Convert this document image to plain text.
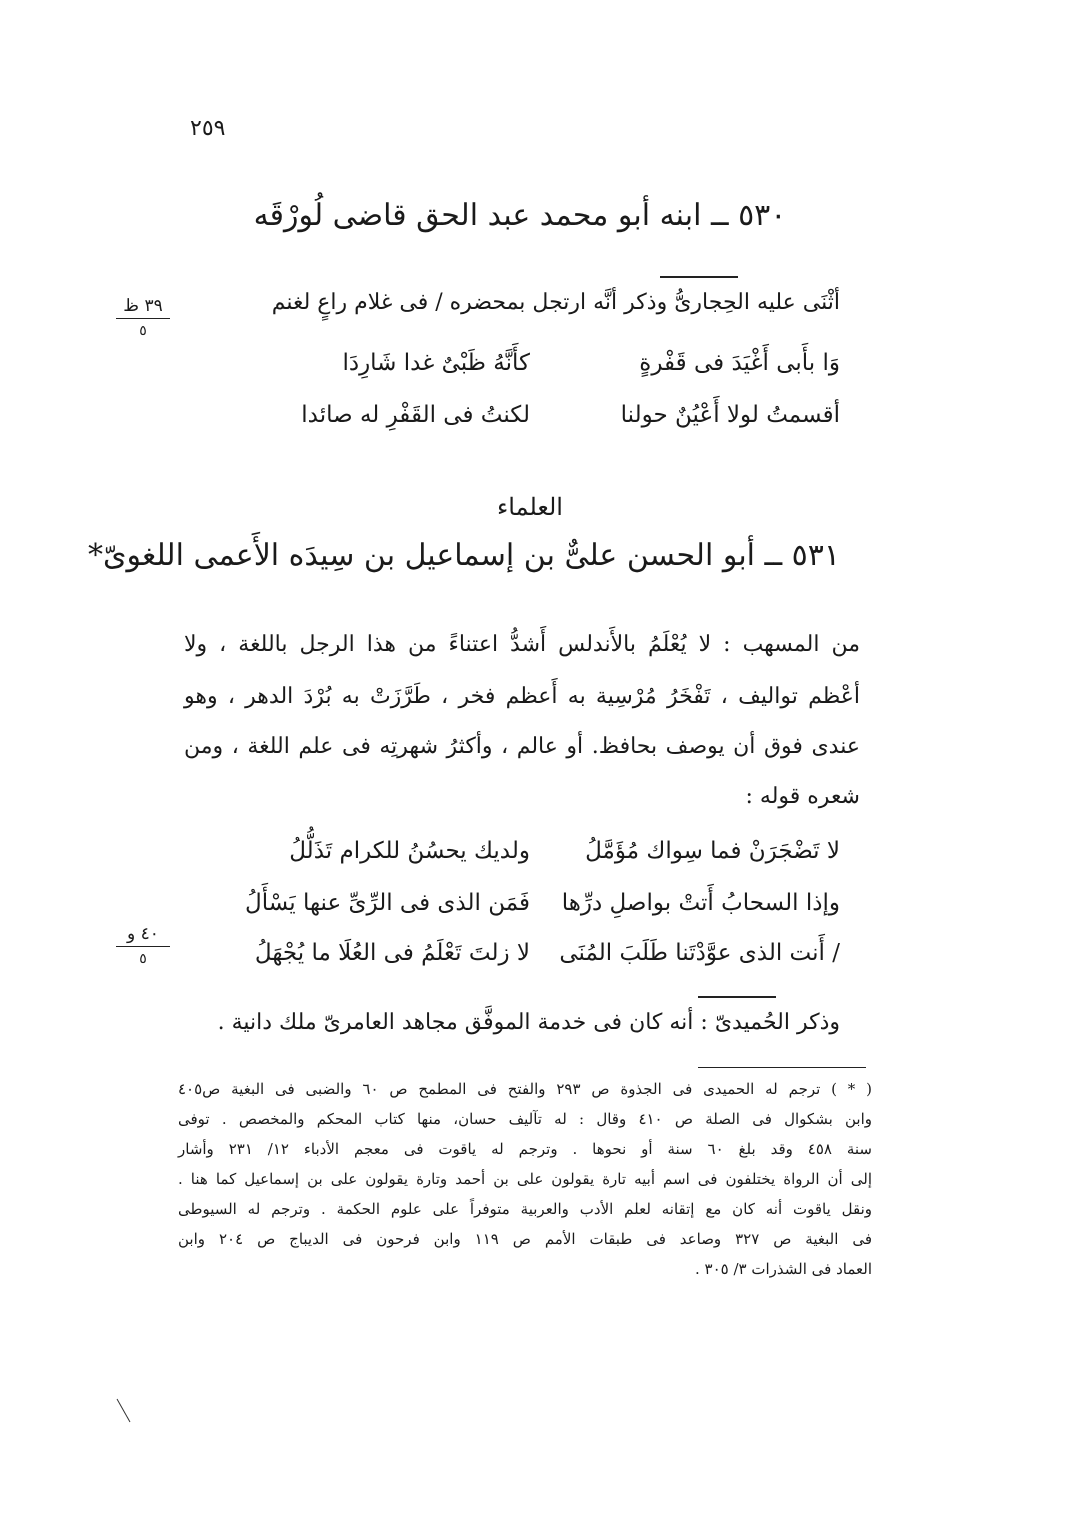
٢٥٩
٥٣٠ ــ ابنه أبو محمد عبد الحق قاضى لُورْقَه
أثْنَى عليه الحِجارىُّ وذكر أنَّه ارتجل بمحضره / فى غلام راعٍ لغنم
٣٩ ظ
٥
وَا بأَبى أَغْيَدَ فى قَفْرةٍ
كأَنَّهُ ظَبْىٌ غدا شَارِدَا
أقسمتُ لولا أَعْيُنٌ حولنا
لكنتُ فى القَفْرِ له صائدا
العلماء
٥٣١ ــ أبو الحسن علىٌّ بن إسماعيل بن سِيدَه الأَعمى اللغوىّ*
من المسهب : لا يُعْلَمُ بالأَندلس أَشدُّ اعتناءً من هذا الرجل باللغة ، ولا
أعْظم تواليف ، تَفْخَرُ مُرْسِية به أَعظم فخر ، طَرَّزَتْ به بُرْدَ الدهر ، وهو
عندى فوق أن يوصف بحافظ. أو عالم ، وأكثرُ شهرتِه فى علم اللغة ، ومن
شعره قوله :
لا تَضْجَرَنْ فما سِواك مُؤَمَّلُ
ولديك يحسُنُ للكرام تَذَلُّلُ
وإذا السحابُ أَتتْ بواصلِ درِّها
فَمَن الذى فى الرِّىِّ عنها يَسْأَلُ
/ أَنت الذى عوَّدْتَنا طَلَبَ المُنَى
لا زلتَ تَعْلَمُ فى العُلَا ما يُجْهَلُ
٤٠ و
٥
وذكر الحُميدىّ : أنه كان فى خدمة الموفَّق مجاهد العامرىّ ملك دانية .
( * ) ترجم له الحميدى فى الجذوة ص ٢٩٣ والفتح فى المطمح ص ٦٠ والضبى فى البغية ص٤٠٥
وابن بشكوال فى الصلة ص ٤١٠ وقال : له تآليف حسان، منها كتاب المحكم والمخصص . توفى
سنة ٤٥٨ وقد بلغ ٦٠ سنة أو نحوها . وترجم له ياقوت فى معجم الأدباء ١٢/ ٢٣١ وأشار
إلى أن الرواة يختلفون فى اسم أبيه تارة يقولون على بن أحمد وتارة يقولون على بن إسماعيل كما هنا .
ونقل ياقوت أنه كان مع إتقانه لعلم الأدب والعربية متوفراً على علوم الحكمة . وترجم له السيوطى
فى البغية ص ٣٢٧ وصاعد فى طبقات الأمم ص ١١٩ وابن فرحون فى الديباج ص ٢٠٤ وابن
العماد فى الشذرات ٣/ ٣٠٥ .
